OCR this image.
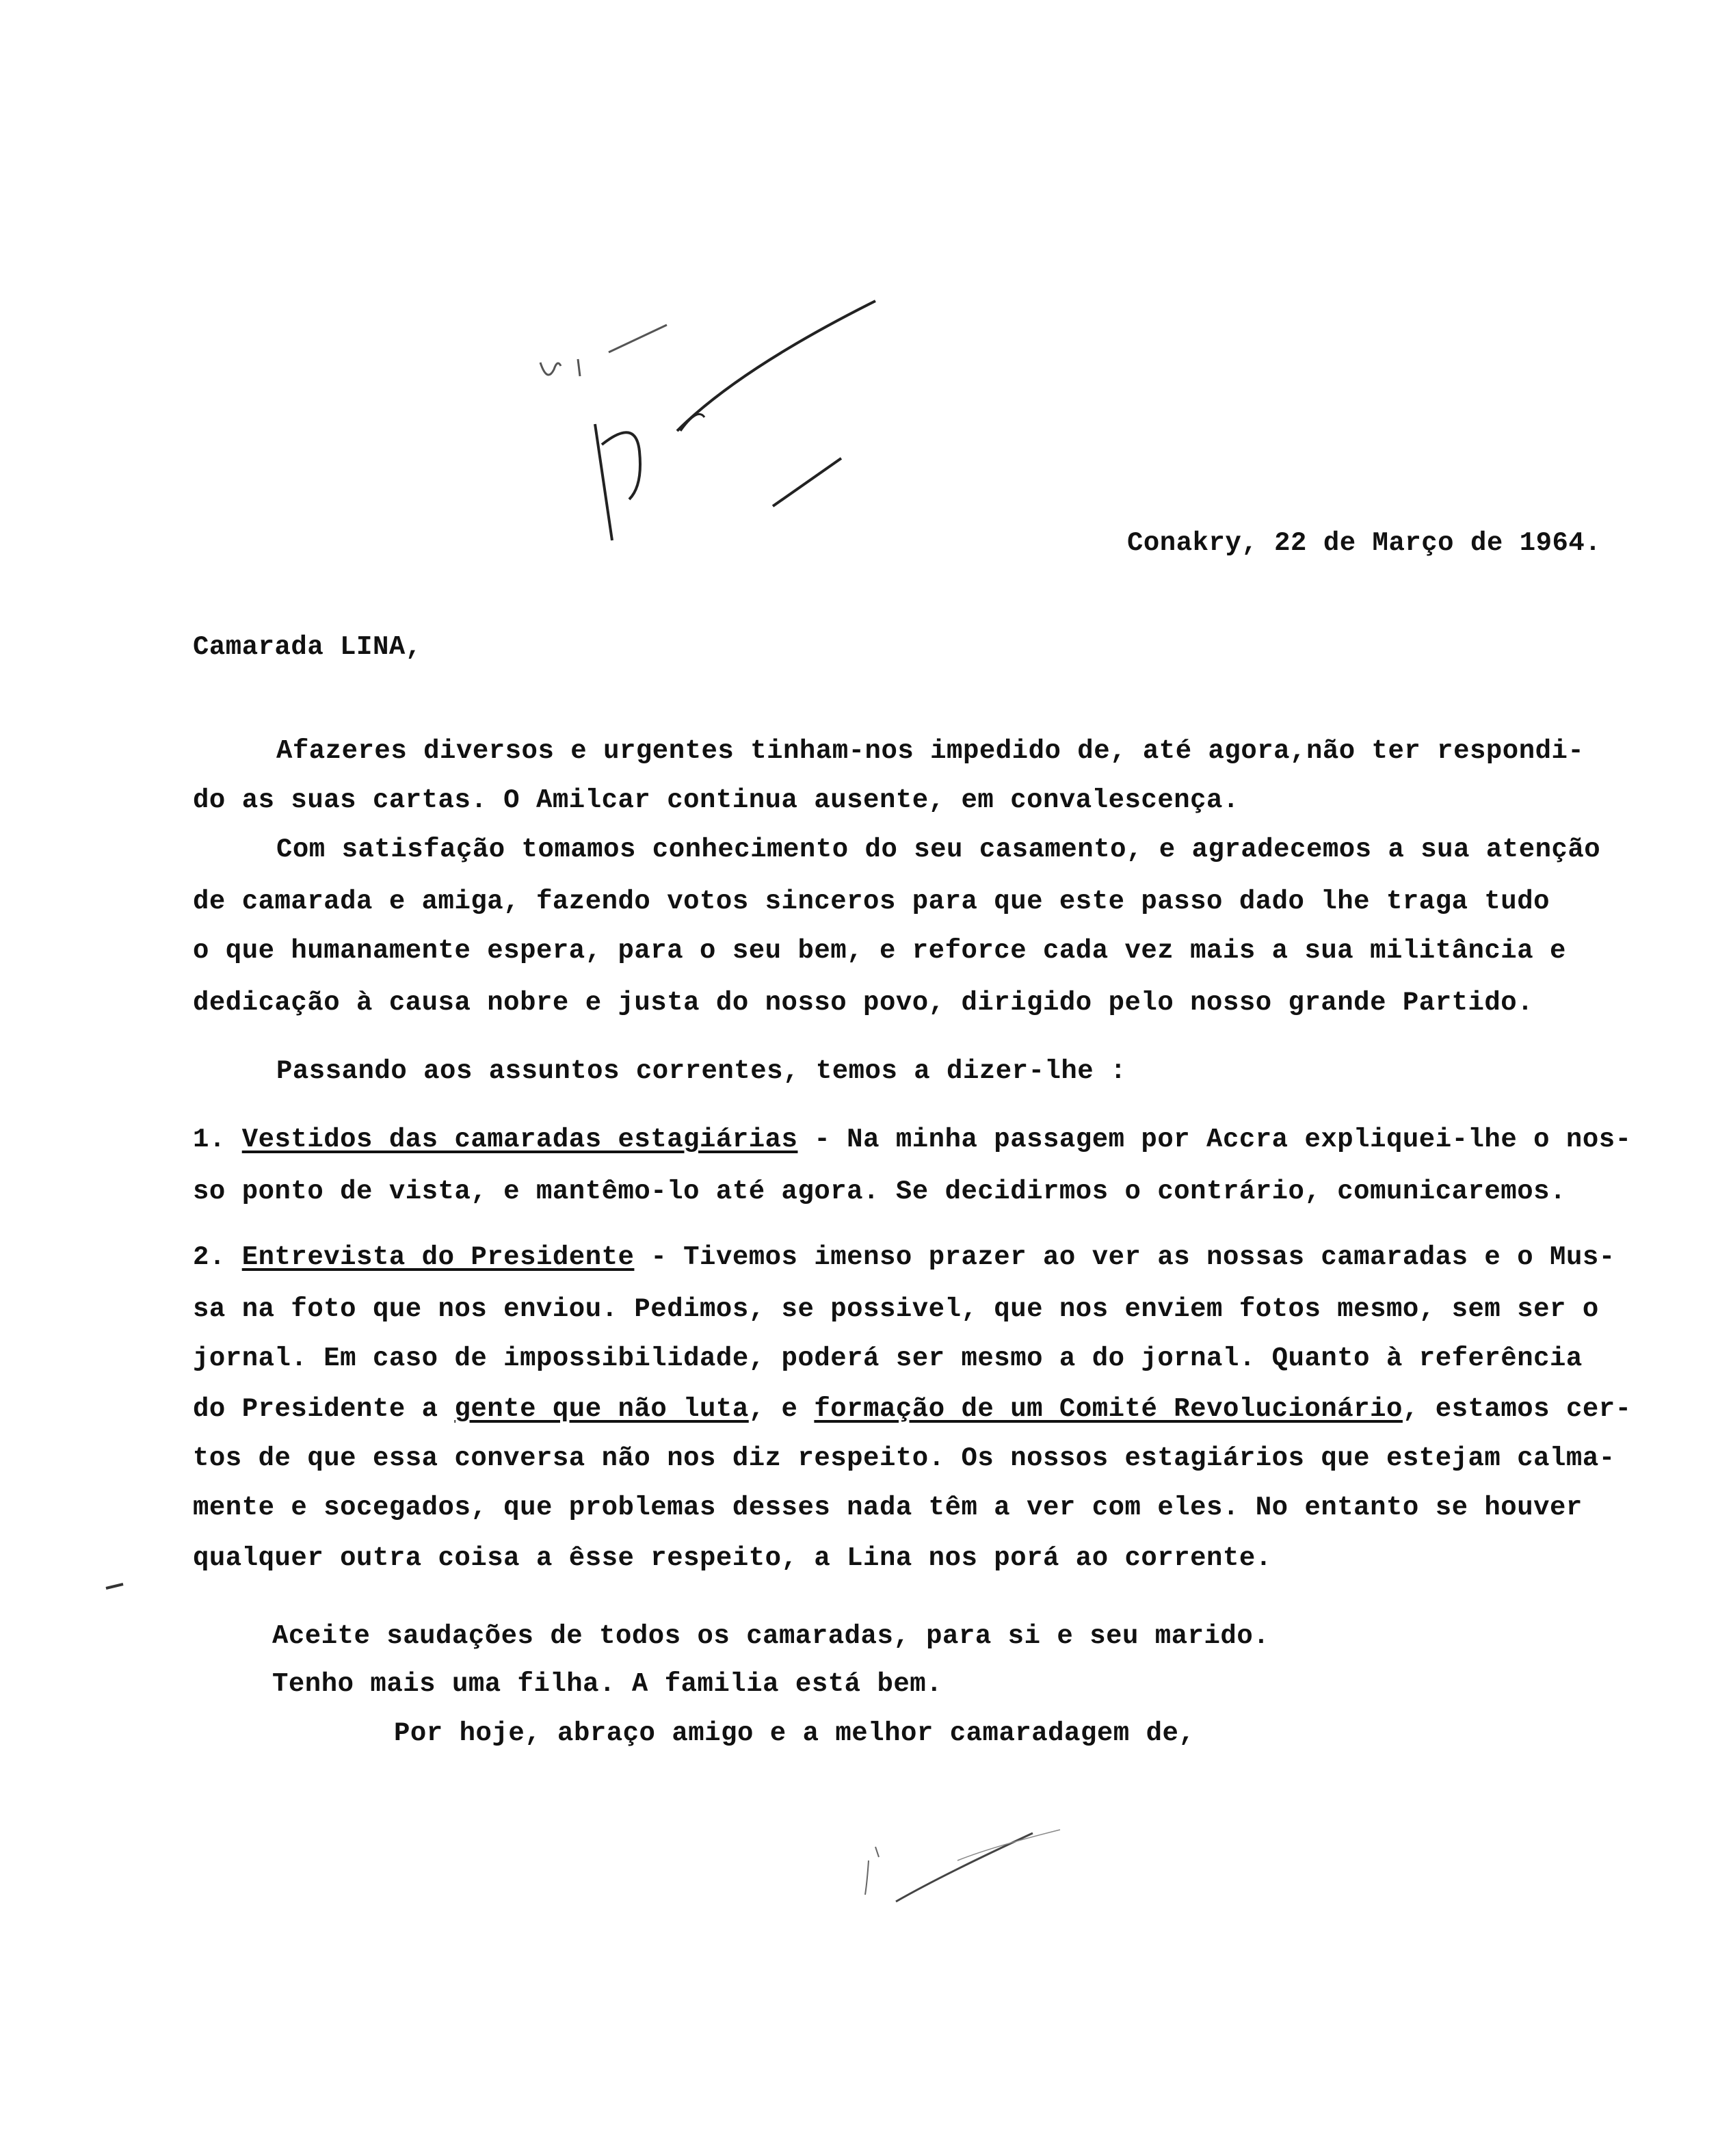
Conakry, 22 de Março de 1964.
Camarada LINA,
Afazeres diversos e urgentes tinham-nos impedido de, até agora,não ter respondi-
do as suas cartas. O Amilcar continua ausente, em convalescença.
Com satisfação tomamos conhecimento do seu casamento, e agradecemos a sua atenção
de camarada e amiga, fazendo votos sinceros para que este passo dado lhe traga tudo
o que humanamente espera, para o seu bem, e reforce cada vez mais a sua militância e
dedicação à causa nobre e justa do nosso povo, dirigido pelo nosso grande Partido.
Passando aos assuntos correntes, temos a dizer-lhe :
1. Vestidos das camaradas estagiárias - Na minha passagem por Accra expliquei-lhe o nos-
so ponto de vista, e mantêmo-lo até agora. Se decidirmos o contrário, comunicaremos.
2. Entrevista do Presidente - Tivemos imenso prazer ao ver as nossas camaradas e o Mus-
sa na foto que nos enviou. Pedimos, se possivel, que nos enviem fotos mesmo, sem ser o
jornal. Em caso de impossibilidade, poderá ser mesmo a do jornal. Quanto à referência
do Presidente a gente que não luta, e formação de um Comité Revolucionário, estamos cer-
tos de que essa conversa não nos diz respeito. Os nossos estagiários que estejam calma-
mente e socegados, que problemas desses nada têm a ver com eles. No entanto se houver
qualquer outra coisa a êsse respeito, a Lina nos porá ao corrente.
Aceite saudações de todos os camaradas, para si e seu marido.
Tenho mais uma filha. A familia está bem.
Por hoje, abraço amigo e a melhor camaradagem de,
